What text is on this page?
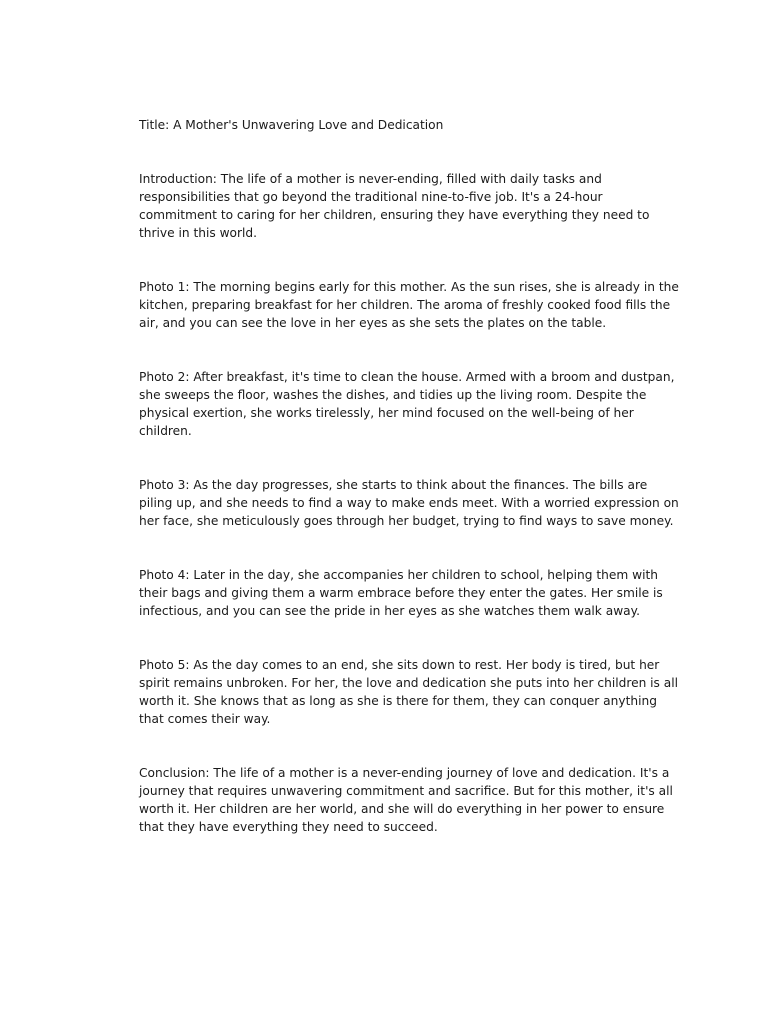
Title: A Mother's Unwavering Love and Dedication

Introduction: The life of a mother is never-ending, filled with daily tasks and responsibilities that go beyond the traditional nine-to-five job. It's a 24-hour commitment to caring for her children, ensuring they have everything they need to thrive in this world.

Photo 1: The morning begins early for this mother. As the sun rises, she is already in the kitchen, preparing breakfast for her children. The aroma of freshly cooked food fills the air, and you can see the love in her eyes as she sets the plates on the table.

Photo 2: After breakfast, it's time to clean the house. Armed with a broom and dustpan, she sweeps the floor, washes the dishes, and tidies up the living room. Despite the physical exertion, she works tirelessly, her mind focused on the well-being of her children.

Photo 3: As the day progresses, she starts to think about the finances. The bills are piling up, and she needs to find a way to make ends meet. With a worried expression on her face, she meticulously goes through her budget, trying to find ways to save money.

Photo 4: Later in the day, she accompanies her children to school, helping them with their bags and giving them a warm embrace before they enter the gates. Her smile is infectious, and you can see the pride in her eyes as she watches them walk away.

Photo 5: As the day comes to an end, she sits down to rest. Her body is tired, but her spirit remains unbroken. For her, the love and dedication she puts into her children is all worth it. She knows that as long as she is there for them, they can conquer anything that comes their way.

Conclusion: The life of a mother is a never-ending journey of love and dedication. It's a journey that requires unwavering commitment and sacrifice. But for this mother, it's all worth it. Her children are her world, and she will do everything in her power to ensure that they have everything they need to succeed.
